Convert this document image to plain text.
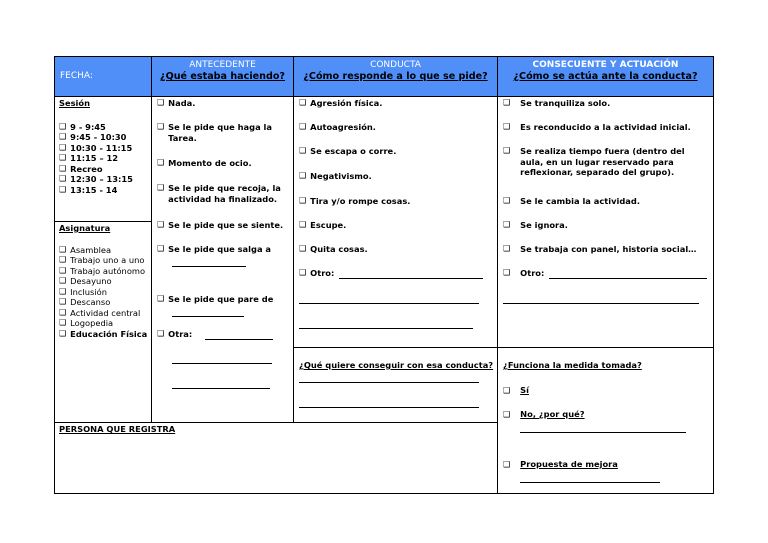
FECHA:
ANTECEDENTE
¿Qué estaba haciendo?
CONDUCTA
¿Cómo responde a lo que se pide?
CONSECUENTE Y ACTUACIÓN
¿Cómo se actúa ante la conducta?

Sesión

❑ 9 - 9:45
❑ 9:45 - 10:30
❑ 10:30 - 11:15
❑ 11:15 – 12
❑ Recreo
❑ 12:30 – 13:15
❑ 13:15 - 14

Asignatura

❑ Asamblea
❑ Trabajo uno a uno
❑ Trabajo autónomo
❑ Desayuno
❑ Inclusión
❑ Descanso
❑ Actividad central
❑ Logopedia
❑ Educación Física
¿Qué quiere conseguir con esa conducta? ¿Funciona la medida tomada?
❑ Sí
❑ No, ¿por qué?
❑ Propuesta de mejora
PERSONA QUE REGISTRA
❑ Nada.
❑ Se le pide que haga la Tarea.
❑ Momento de ocio.
❑ Se le pide que recoja, la actividad ha finalizado.
❑ Se le pide que se siente.
❑ Se le pide que salga a
❑ Se le pide que pare de
❑ Otra:
❑ Agresión física.
❑ Autoagresión.
❑ Se escapa o corre.
❑ Negativismo.
❑ Tira y/o rompe cosas.
❑ Escupe.
❑ Quita cosas.
❑ Otro:
❑ Se tranquiliza solo.
❑ Es reconducido a la actividad inicial.
❑ Se realiza tiempo fuera (dentro del aula, en un lugar reservado para reflexionar, separado del grupo).
❑ Se le cambia la actividad.
❑ Se ignora.
❑ Se trabaja con panel, historia social…
❑ Otro:
